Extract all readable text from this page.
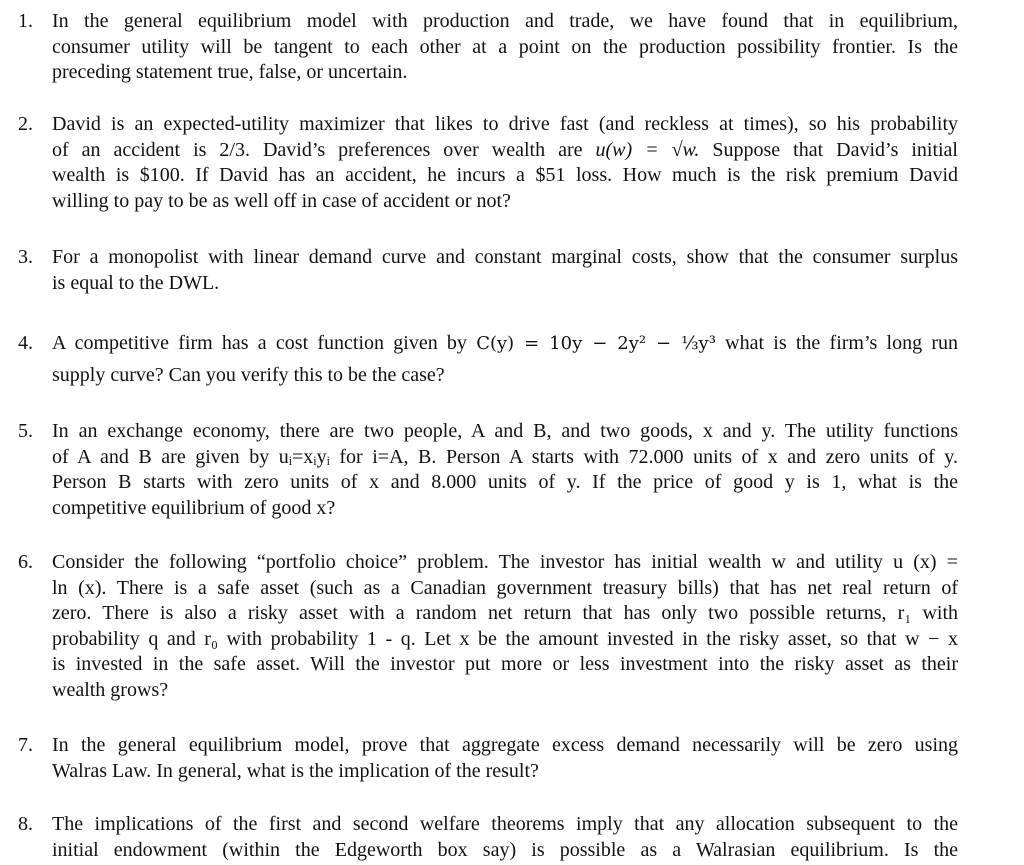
1. In the general equilibrium model with production and trade, we have found that in equilibrium,
consumer utility will be tangent to each other at a point on the production possibility frontier. Is the
preceding statement true, false, or uncertain.
2. David is an expected-utility maximizer that likes to drive fast (and reckless at times), so his probability
of an accident is 2/3. David’s preferences over wealth are u(w) = √w. Suppose that David’s initial
wealth is $100. If David has an accident, he incurs a $51 loss. How much is the risk premium David
willing to pay to be as well off in case of accident or not?
3. For a monopolist with linear demand curve and constant marginal costs, show that the consumer surplus
is equal to the DWL.
4. A competitive firm has a cost function given by C(y) = 10y − 2y² − ⅓y³ what is the firm’s long run
supply curve? Can you verify this to be the case?
5. In an exchange economy, there are two people, A and B, and two goods, x and y. The utility functions
of A and B are given by uᵢ=xᵢyᵢ for i=A, B. Person A starts with 72.000 units of x and zero units of y.
Person B starts with zero units of x and 8.000 units of y. If the price of good y is 1, what is the
competitive equilibrium of good x?
6. Consider the following “portfolio choice” problem. The investor has initial wealth w and utility u (x) =
ln (x). There is a safe asset (such as a Canadian government treasury bills) that has net real return of
zero. There is also a risky asset with a random net return that has only two possible returns, r₁ with
probability q and r₀ with probability 1 - q. Let x be the amount invested in the risky asset, so that w − x
is invested in the safe asset. Will the investor put more or less investment into the risky asset as their
wealth grows?
7. In the general equilibrium model, prove that aggregate excess demand necessarily will be zero using
Walras Law. In general, what is the implication of the result?
8. The implications of the first and second welfare theorems imply that any allocation subsequent to the
initial endowment (within the Edgeworth box say) is possible as a Walrasian equilibrium. Is the
